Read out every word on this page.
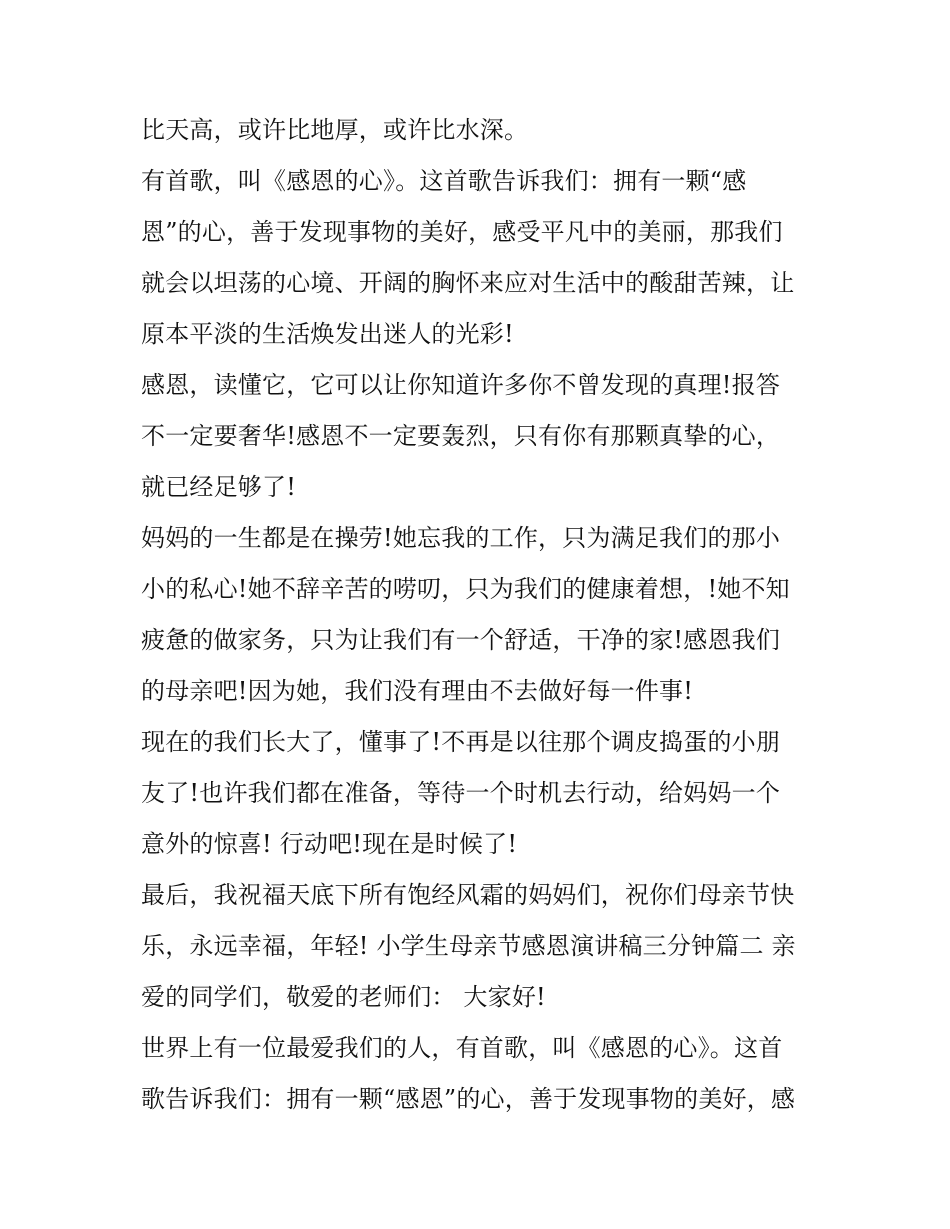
比天高，或许比地厚，或许比水深。
有首歌，叫《感恩的心》。这首歌告诉我们：拥有一颗“感
恩”的心，善于发现事物的美好，感受平凡中的美丽，那我们
就会以坦荡的心境、开阔的胸怀来应对生活中的酸甜苦辣，让
原本平淡的生活焕发出迷人的光彩!
感恩，读懂它，它可以让你知道许多你不曾发现的真理!报答
不一定要奢华!感恩不一定要轰烈，只有你有那颗真挚的心，
就已经足够了!
妈妈的一生都是在操劳!她忘我的工作，只为满足我们的那小
小的私心!她不辞辛苦的唠叨，只为我们的健康着想，!她不知
疲惫的做家务，只为让我们有一个舒适，干净的家!感恩我们
的母亲吧!因为她，我们没有理由不去做好每一件事!
现在的我们长大了，懂事了!不再是以往那个调皮捣蛋的小朋
友了!也许我们都在准备，等待一个时机去行动，给妈妈一个
意外的惊喜! 行动吧!现在是时候了!
最后，我祝福天底下所有饱经风霜的妈妈们，祝你们母亲节快
乐，永远幸福，年轻! 小学生母亲节感恩演讲稿三分钟篇二 亲
爱的同学们，敬爱的老师们： 大家好!
世界上有一位最爱我们的人，有首歌，叫《感恩的心》。这首
歌告诉我们：拥有一颗“感恩”的心，善于发现事物的美好，感
